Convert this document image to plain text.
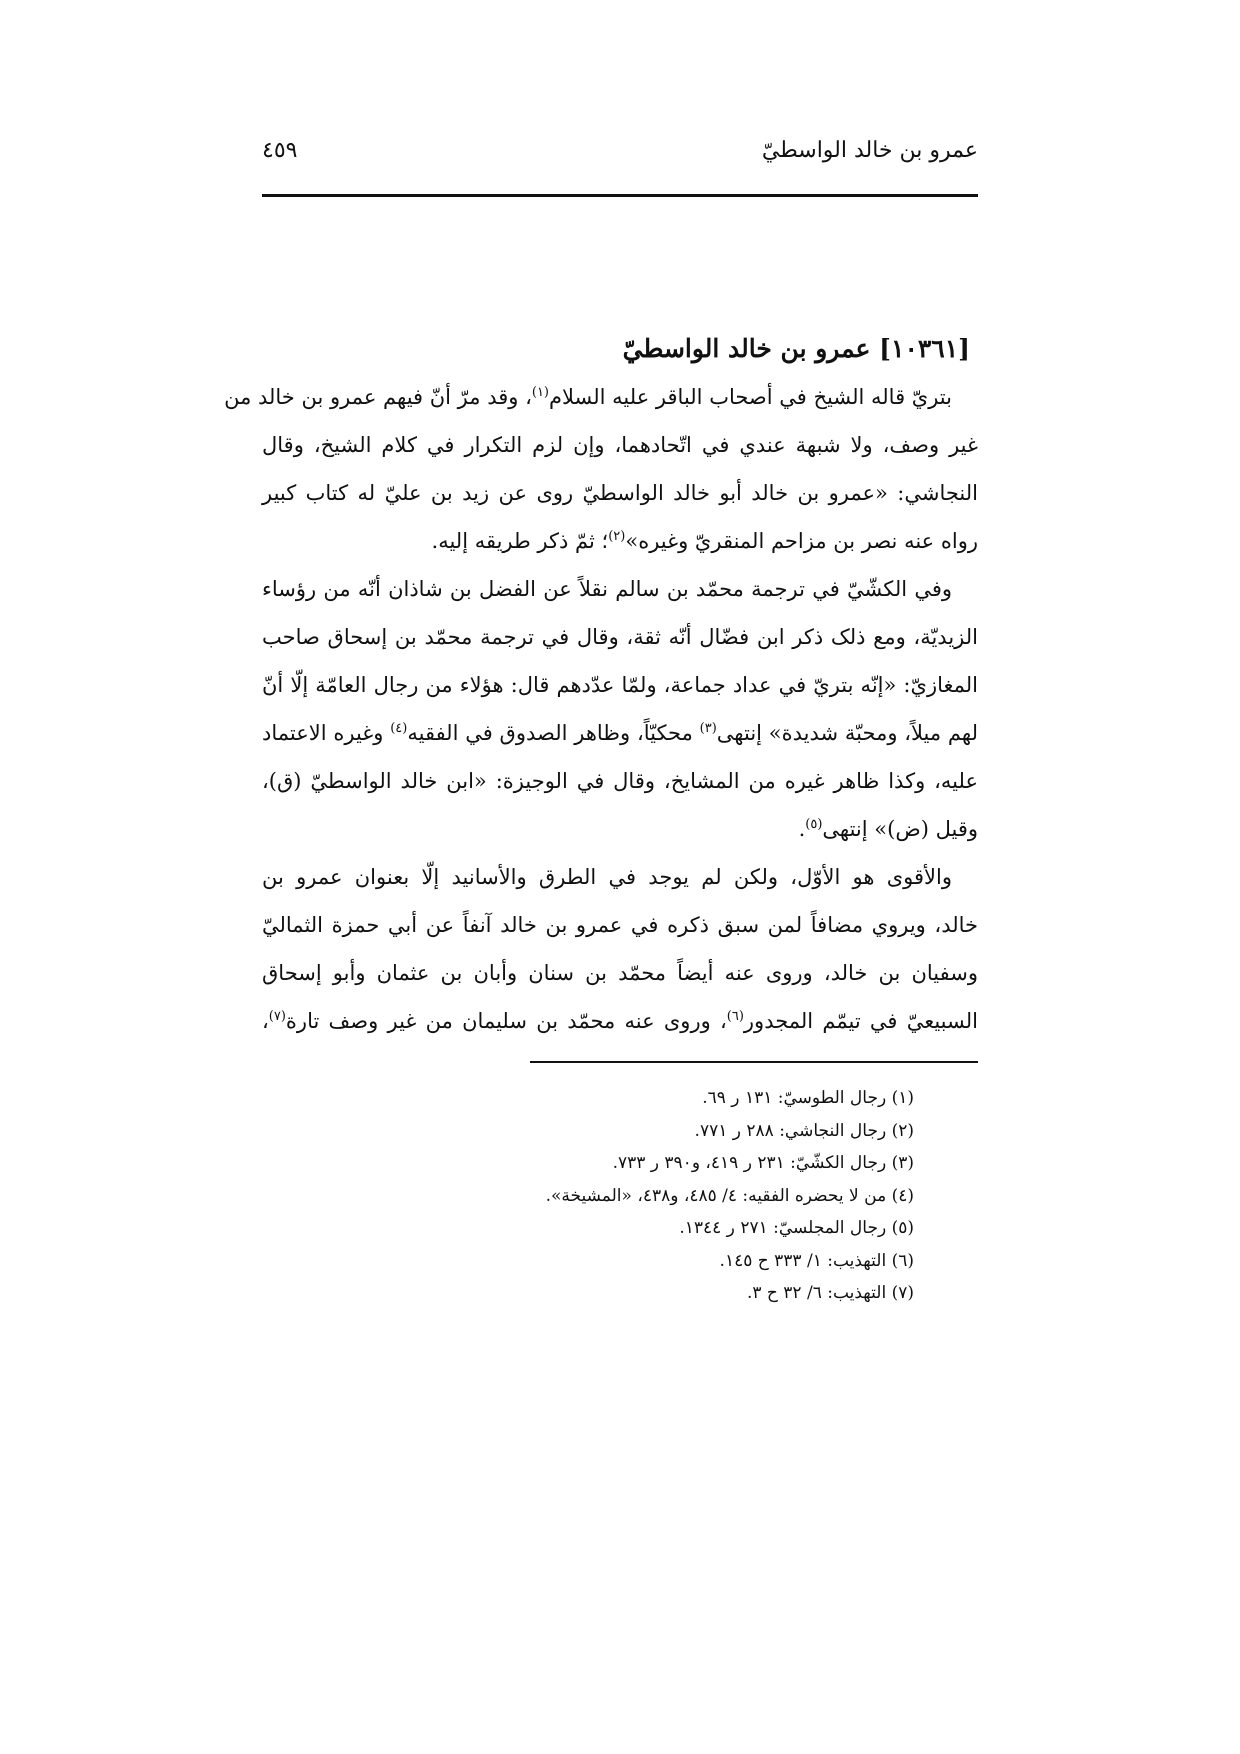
عمرو بن خالد الواسطيّ
٤٥٩
[١٠٣٦١] عمرو بن خالد الواسطيّ
بتريّ قاله الشيخ في أصحاب الباقر عليه السلام$^{(١)}$، وقد مرّ أنّ فيهم عمرو بن خالد من
غير وصف، ولا شبهة عندي في اتّحادهما، وإن لزم التكرار في كلام الشيخ، وقال
النجاشي: «عمرو بن خالد أبو خالد الواسطيّ روى عن زيد بن عليّ له كتاب كبير
رواه عنه نصر بن مزاحم المنقريّ وغيره»$^{(٢)}$؛ ثمّ ذكر طريقه إليه.
وفي الكشّيّ في ترجمة محمّد بن سالم نقلاً عن الفضل بن شاذان أنّه من رؤساء
الزيديّة، ومع ذلک ذكر ابن فضّال أنّه ثقة، وقال في ترجمة محمّد بن إسحاق صاحب
المغازيّ: «إنّه بتريّ في عداد جماعة، ولمّا عدّدهم قال: هؤلاء من رجال العامّة إلّا أنّ
لهم ميلاً، ومحبّة شديدة» إنتهى$^{(٣)}$ محكيّاً، وظاهر الصدوق في الفقيه$^{(٤)}$ وغيره الاعتماد
عليه، وكذا ظاهر غيره من المشايخ، وقال في الوجيزة: «ابن خالد الواسطيّ (ق)،
وقيل (ض)» إنتهى$^{(٥)}$.
والأقوى هو الأوّل، ولكن لم يوجد في الطرق والأسانيد إلّا بعنوان عمرو بن
خالد، ويروي مضافاً لمن سبق ذكره في عمرو بن خالد آنفاً عن أبي حمزة الثماليّ
وسفيان بن خالد، وروى عنه أيضاً محمّد بن سنان وأبان بن عثمان وأبو إسحاق
السبيعيّ في تيمّم المجدور$^{(٦)}$، وروى عنه محمّد بن سليمان من غير وصف تارة$^{(٧)}$،
(١) رجال الطوسيّ: ١٣١ ر ٦٩.
(٢) رجال النجاشي: ٢٨٨ ر ٧٧١.
(٣) رجال الكشّيّ: ٢٣١ ر ٤١٩، و٣٩٠ ر ٧٣٣.
(٤) من لا يحضره الفقيه: ٤/ ٤٨٥، و٤٣٨، «المشيخة».
(٥) رجال المجلسيّ: ٢٧١ ر ١٣٤٤.
(٦) التهذيب: ١/ ٣٣٣ ح ١٤٥.
(٧) التهذيب: ٦/ ٣٢ ح ٣.
